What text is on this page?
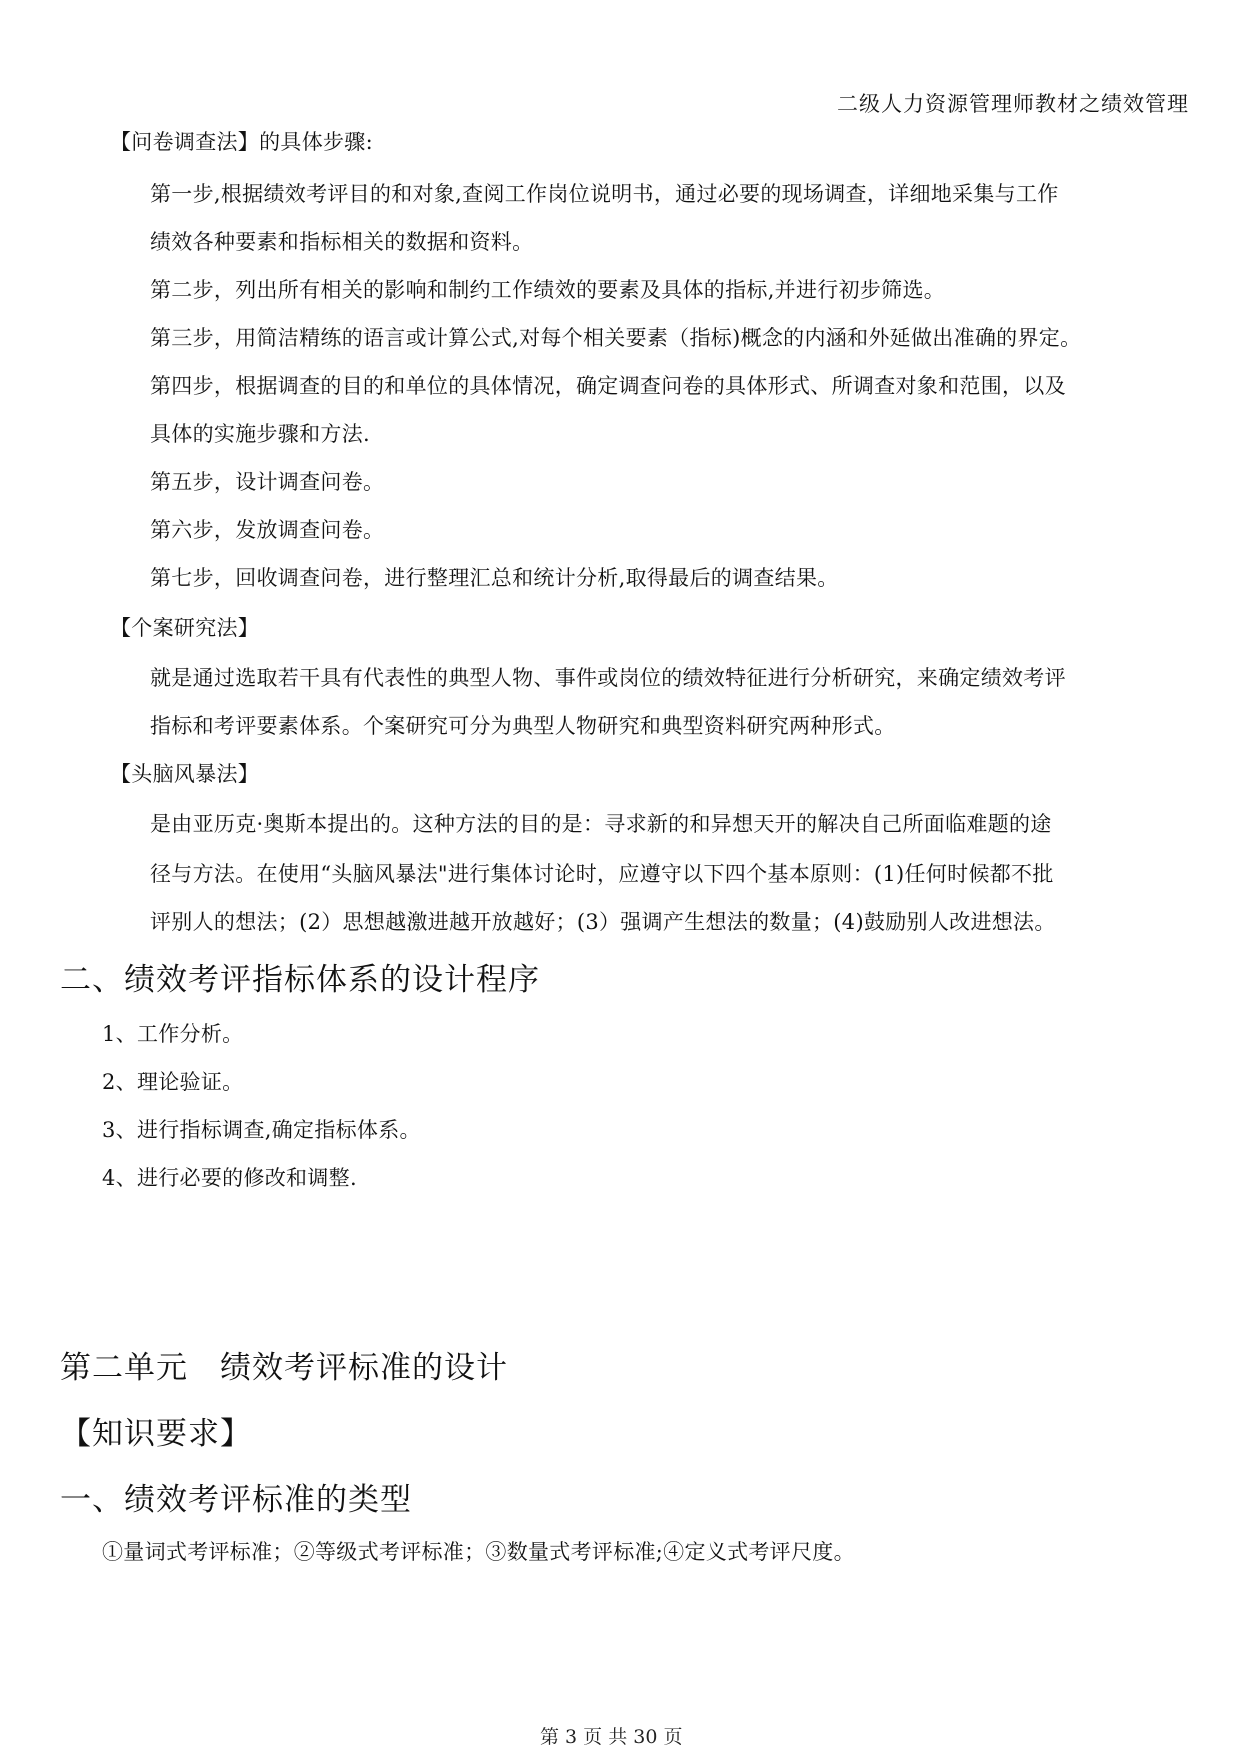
二级人力资源管理师教材之绩效管理
【问卷调查法】的具体步骤:
第一步,根据绩效考评目的和对象,查阅工作岗位说明书，通过必要的现场调查，详细地采集与工作
绩效各种要素和指标相关的数据和资料。
第二步，列出所有相关的影响和制约工作绩效的要素及具体的指标,并进行初步筛选。
第三步，用简洁精练的语言或计算公式,对每个相关要素（指标)概念的内涵和外延做出准确的界定。
第四步，根据调查的目的和单位的具体情况，确定调查问卷的具体形式、所调查对象和范围，以及
具体的实施步骤和方法.
第五步，设计调查问卷。
第六步，发放调查问卷。
第七步，回收调查问卷，进行整理汇总和统计分析,取得最后的调查结果。
【个案研究法】
就是通过选取若干具有代表性的典型人物、事件或岗位的绩效特征进行分析研究，来确定绩效考评
指标和考评要素体系。个案研究可分为典型人物研究和典型资料研究两种形式。
【头脑风暴法】
是由亚历克·奥斯本提出的。这种方法的目的是：寻求新的和异想天开的解决自己所面临难题的途
径与方法。在使用“头脑风暴法"进行集体讨论时，应遵守以下四个基本原则：(1)任何时候都不批
评别人的想法；(2）思想越激进越开放越好；(3）强调产生想法的数量；(4)鼓励别人改进想法。
二、绩效考评指标体系的设计程序
1、工作分析。
2、理论验证。
3、进行指标调查,确定指标体系。
4、进行必要的修改和调整.
第二单元　绩效考评标准的设计
【知识要求】
一、绩效考评标准的类型
①量词式考评标准；②等级式考评标准；③数量式考评标准;④定义式考评尺度。
第 3 页 共 30 页
